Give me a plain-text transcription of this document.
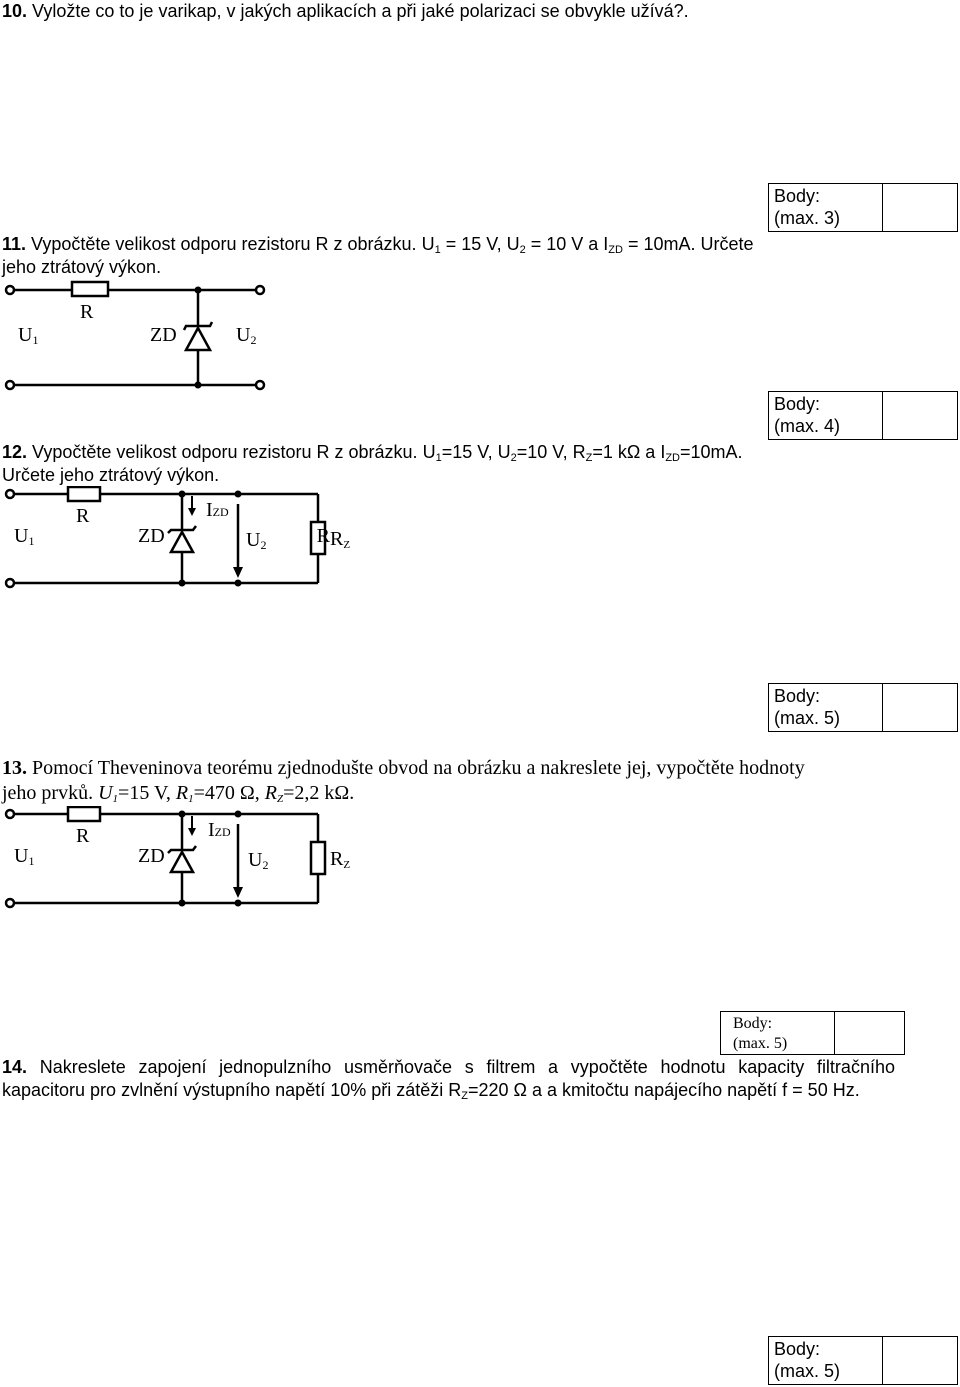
10. Vyložte co to je varikap, v jakých aplikacích a při jaké polarizaci se obvykle užívá?.
Body:
(max. 3)
11. Vypočtěte velikost odporu rezistoru R z obrázku. $U_1 = 15$ V, $U_2 = 10$ V a $I_{ZD} = 10mA$. Určete
jeho ztrátový výkon.
U1
R
ZD	U2
Body:
(max. 4)
12. Vypočtěte velikost odporu rezistoru R z obrázku. $U_1=15$ V, $U_2=10$ V, $R_Z=1$ kΩ a $I_{ZD}=10mA$.
Určete jeho ztrátový výkon.
U1
R
ZD
IZD
U2	R $R_Z$
Body:
(max. 5)
13. Pomocí Theveninova teorému zjednodušte obvod na obrázku a nakreslete jej, vypočtěte hodnoty
jeho prvků. $U_1=15$ V, $R_1=470$ Ω, $R_Z=2,2$ kΩ.
U1
R
ZD
IZD
U2	$R_Z$
Body:
(max. 5)
14. Nakreslete zapojení jednopulzního usměrňovače s filtrem a vypočtěte hodnotu kapacity filtračního kapacitoru pro zvlnění výstupního napětí 10% při zátěži $R_Z=220$ Ω a a kmitočtu napájecího napětí f = 50 Hz.
Body:
(max. 5)
